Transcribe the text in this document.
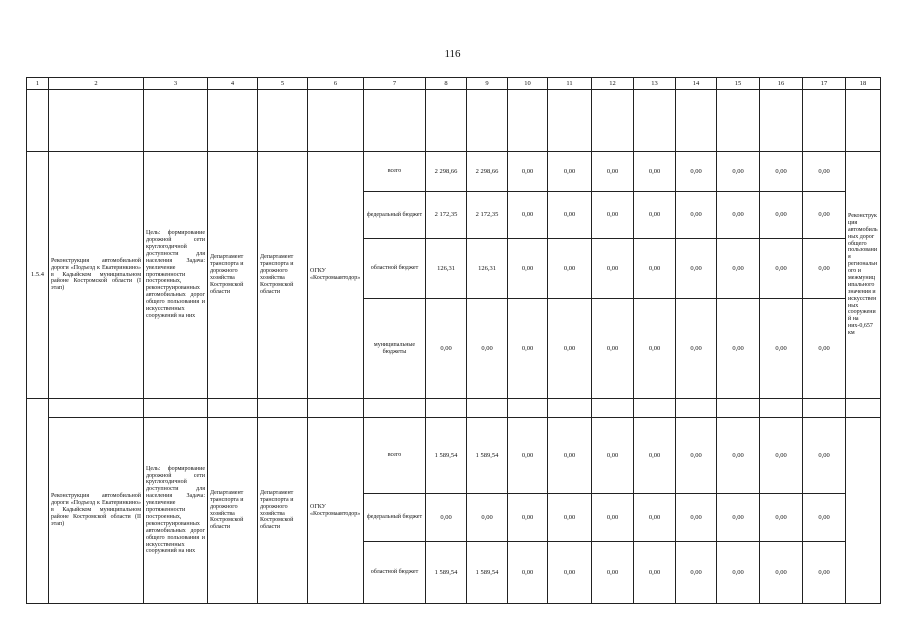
116
1	2	3	4	5	6	7	8	9	10	11	12	13	14	15	16	17	18

1.5.4	Реконструкция автомобильной дороги «Подъезд к Екатеринкино» в Кадыйском муниципальном районе Костромской области (I этап)	Цель: формирование дорожной сети круглогодичной доступности для населения Задача: увеличение протяженности построенных, реконструированных автомобильных дорог общего пользования и искусственных сооружений на них	Департамент транспорта и дорожного хозяйства Костромской области	Департамент транспорта и дорожного хозяйства Костромской области	ОГКУ «Костромаавтодор»	всего	2 298,66	2 298,66	0,00	0,00	0,00	0,00	0,00	0,00	0,00	0,00	Реконструкция автомобильных дорог общего пользования регионального и межмуниципального значения и искусственных сооружений на них-0,657 км
						федеральный бюджет	2 172,35	2 172,35	0,00	0,00	0,00	0,00	0,00	0,00	0,00	0,00	
						областной бюджет	126,31	126,31	0,00	0,00	0,00	0,00	0,00	0,00	0,00	0,00	
						муниципальные бюджеты	0,00	0,00	0,00	0,00	0,00	0,00	0,00	0,00	0,00	0,00	

	Реконструкция автомобильной дороги «Подъезд к Екатеринкино» в Кадыйском муниципальном районе Костромской области (II этап)	Цель: формирование дорожной сети круглогодичной доступности для населения Задача: увеличение протяженности построенных, реконструированных автомобильных дорог общего пользования и искусственных сооружений на них	Департамент транспорта и дорожного хозяйства Костромской области	Департамент транспорта и дорожного хозяйства Костромской области	ОГКУ «Костромаавтодор»	всего	1 589,54	1 589,54	0,00	0,00	0,00	0,00	0,00	0,00	0,00	0,00	
						федеральный бюджет	0,00	0,00	0,00	0,00	0,00	0,00	0,00	0,00	0,00	0,00	
						областной бюджет	1 589,54	1 589,54	0,00	0,00	0,00	0,00	0,00	0,00	0,00	0,00	
